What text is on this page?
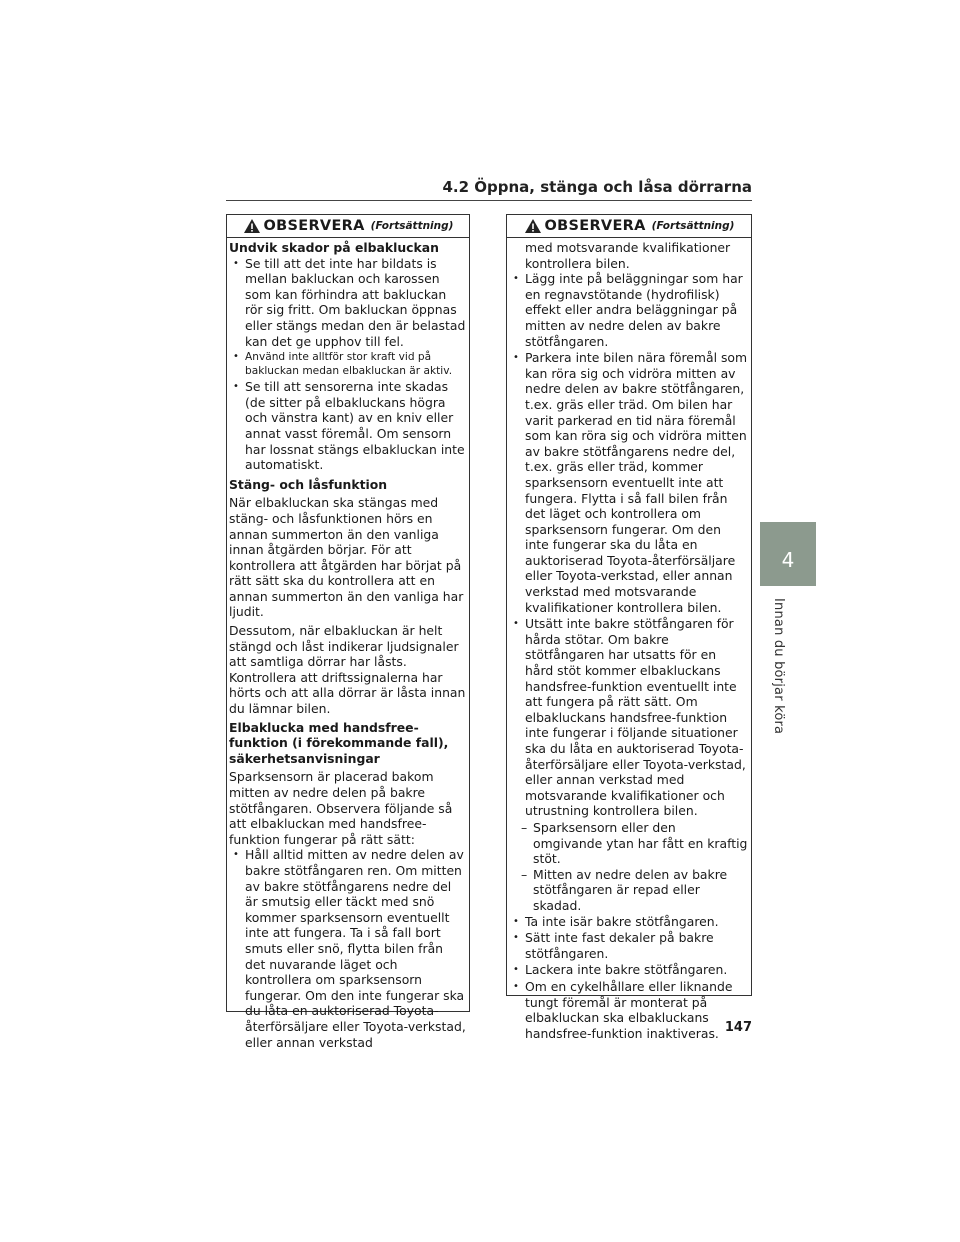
4.2 Öppna, stänga och låsa dörrarna
4
Innan du börjar köra
147
OBSERVERA (Fortsättning)
Undvik skador på elbakluckan
• Se till att det inte har bildats is mellan bakluckan och karossen som kan förhindra att bakluckan rör sig fritt. Om bakluckan öppnas eller stängs medan den är belastad kan det ge upphov till fel.
• Använd inte alltför stor kraft vid på bakluckan medan elbakluckan är aktiv.
• Se till att sensorerna inte skadas (de sitter på elbakluckans högra och vänstra kant) av en kniv eller annat vasst föremål. Om sensorn har lossnat stängs elbakluckan inte automatiskt.
Stäng- och låsfunktion

När elbakluckan ska stängas med stäng- och låsfunktionen hörs en annan summerton än den vanliga innan åtgärden börjar. För att kontrollera att åtgärden har börjat på rätt sätt ska du kontrollera att en annan summerton än den vanliga har ljudit.

Dessutom, när elbakluckan är helt stängd och låst indikerar ljudsignaler att samtliga dörrar har låsts. Kontrollera att driftssignalerna har hörts och att alla dörrar är låsta innan du lämnar bilen.

Elbaklucka med handsfree-funktion (i förekommande fall), säkerhetsanvisningar

Sparksensorn är placerad bakom mitten av nedre delen på bakre stötfångaren. Observera följande så att elbakluckan med handsfree-funktion fungerar på rätt sätt:

• Håll alltid mitten av nedre delen av bakre stötfångaren ren. Om mitten av bakre stötfångarens nedre del är smutsig eller täckt med snö kommer sparksensorn eventuellt inte att fungera. Ta i så fall bort smuts eller snö, flytta bilen från det nuvarande läget och kontrollera om sparksensorn fungerar. Om den inte fungerar ska du låta en auktoriserad Toyota-återförsäljare eller Toyota-verkstad, eller annan verkstad
OBSERVERA (Fortsättning)
med motsvarande kvalifikationer kontrollera bilen.
• Lägg inte på beläggningar som har en regnavstötande (hydrofilisk) effekt eller andra beläggningar på mitten av nedre delen av bakre stötfångaren.
• Parkera inte bilen nära föremål som kan röra sig och vidröra mitten av nedre delen av bakre stötfångaren, t.ex. gräs eller träd. Om bilen har varit parkerad en tid nära föremål som kan röra sig och vidröra mitten av bakre stötfångarens nedre del, t.ex. gräs eller träd, kommer sparksensorn eventuellt inte att fungera. Flytta i så fall bilen från det läget och kontrollera om sparksensorn fungerar. Om den inte fungerar ska du låta en auktoriserad Toyota-återförsäljare eller Toyota-verkstad, eller annan verkstad med motsvarande kvalifikationer kontrollera bilen.
• Utsätt inte bakre stötfångaren för hårda stötar. Om bakre stötfångaren har utsatts för en hård stöt kommer elbakluckans handsfree-funktion eventuellt inte att fungera på rätt sätt. Om elbakluckans handsfree-funktion inte fungerar i följande situationer ska du låta en auktoriserad Toyota-återförsäljare eller Toyota-verkstad, eller annan verkstad med motsvarande kvalifikationer och utrustning kontrollera bilen.
– Sparksensorn eller den omgivande ytan har fått en kraftig stöt.
– Mitten av nedre delen av bakre stötfångaren är repad eller skadad.
• Ta inte isär bakre stötfångaren.
• Sätt inte fast dekaler på bakre stötfångaren.
• Lackera inte bakre stötfångaren.
• Om en cykelhållare eller liknande tungt föremål är monterat på elbakluckan ska elbakluckans handsfree-funktion inaktiveras.
